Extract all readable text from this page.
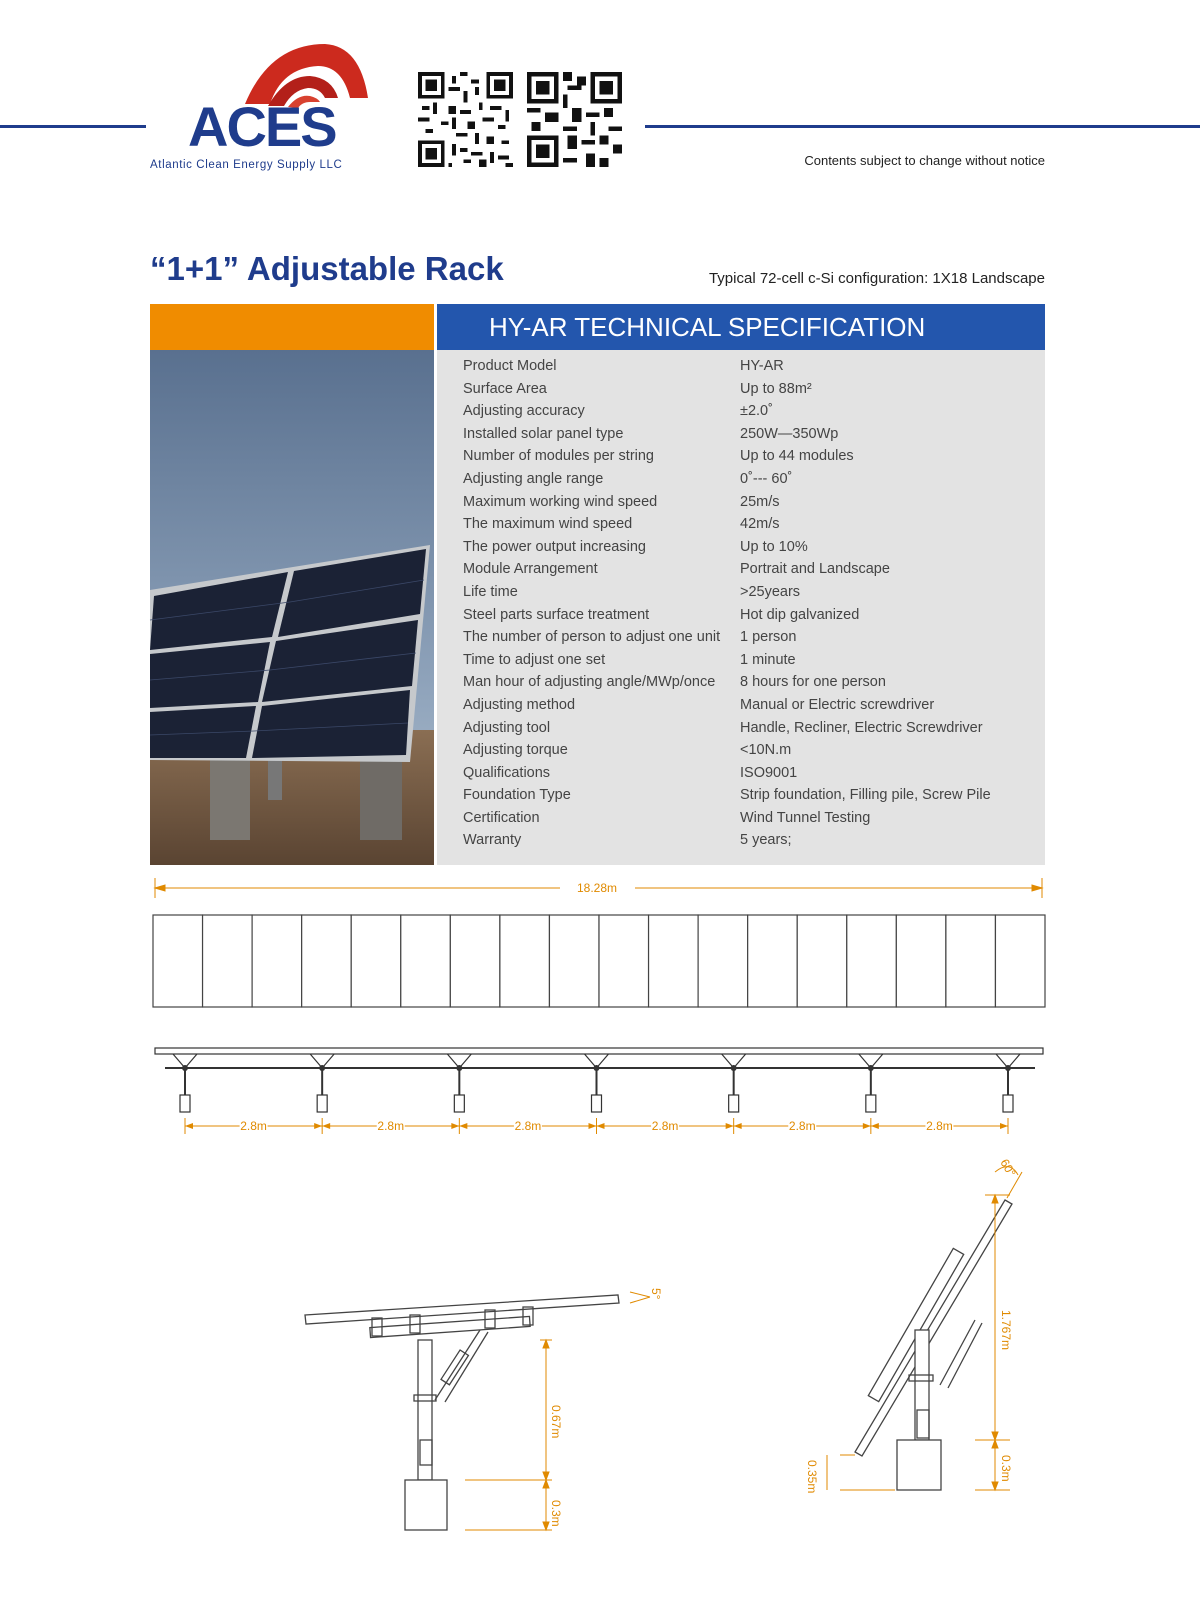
ACES
Atlantic Clean Energy Supply LLC	Contents subject to change without notice
“1+1” Adjustable Rack	Typical 72-cell c-Si configuration: 1X18 Landscape
HY-AR TECHNICAL SPECIFICATION
Product Model	HY-AR
Surface Area	Up to 88m²
Adjusting accuracy	±2.0˚
Installed solar panel type	250W—350Wp
Number of modules per string	Up to 44 modules
Adjusting angle range	0˚--- 60˚
Maximum working wind speed	25m/s
The maximum wind speed	42m/s
The power output increasing	Up to 10%
Module Arrangement	Portrait and Landscape
Life time	>25years
Steel parts surface treatment	Hot dip galvanized
The number of person to adjust one unit	1 person
Time to adjust one set	1 minute
Man hour of adjusting angle/MWp/once	8 hours for one person
Adjusting method	Manual or Electric screwdriver
Adjusting tool	Handle, Recliner, Electric Screwdriver
Adjusting torque	<10N.m
Qualifications	ISO9001
Foundation Type	Strip foundation, Filling pile, Screw Pile
Certification	Wind Tunnel Testing
Warranty	5 years;
18.28m
2.8m	2.8m	2.8m	2.8m	2.8m	2.8m
0.67m
0.3m
5°
1.767m
0.3m
0.35m
60°
